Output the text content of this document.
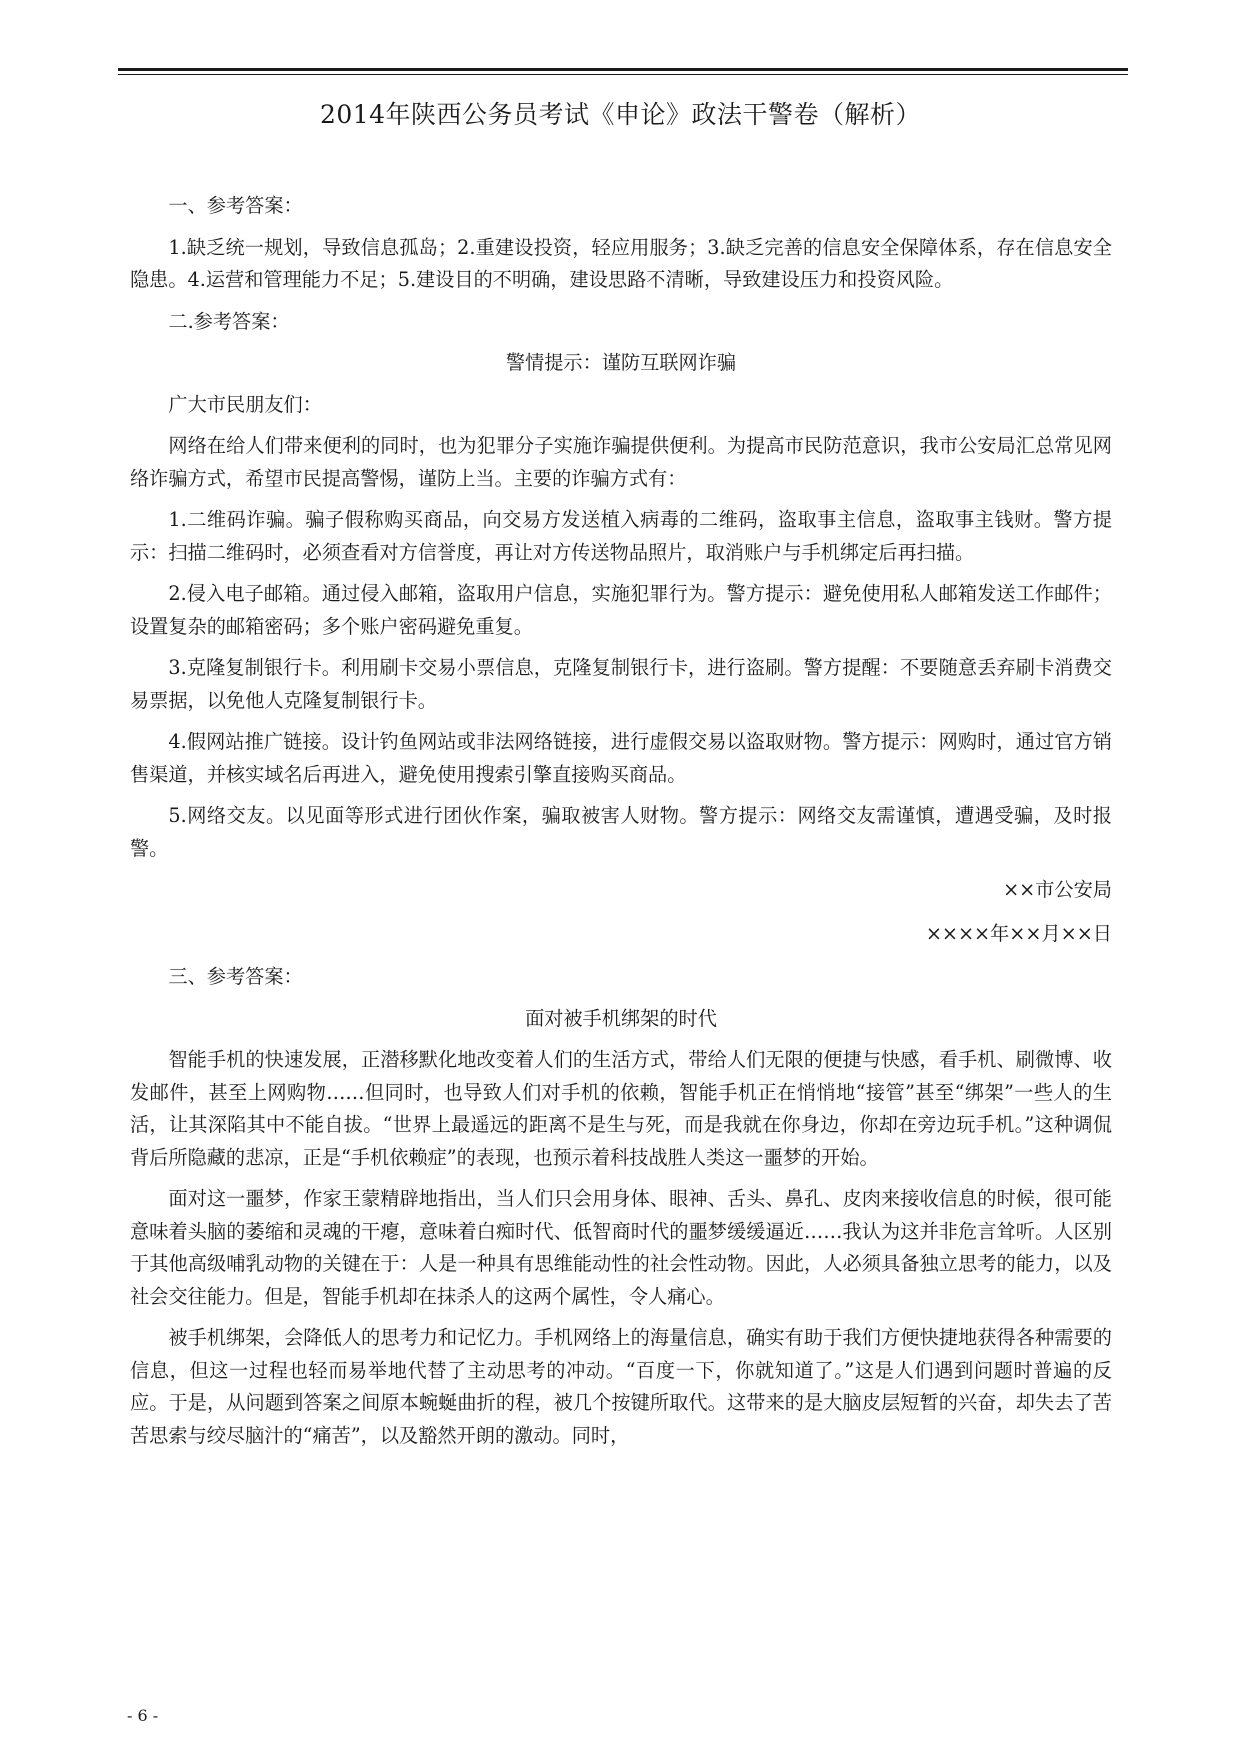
2014年陕西公务员考试《申论》政法干警卷（解析）

一、参考答案：

1.缺乏统一规划，导致信息孤岛；2.重建设投资，轻应用服务；3.缺乏完善的信息安全保障体系，存在信息安全隐患。4.运营和管理能力不足；5.建设目的不明确，建设思路不清晰，导致建设压力和投资风险。

二.参考答案：

警情提示：谨防互联网诈骗

广大市民朋友们：

网络在给人们带来便利的同时，也为犯罪分子实施诈骗提供便利。为提高市民防范意识，我市公安局汇总常见网络诈骗方式，希望市民提高警惕，谨防上当。主要的诈骗方式有：

1.二维码诈骗。骗子假称购买商品，向交易方发送植入病毒的二维码，盗取事主信息，盗取事主钱财。警方提示：扫描二维码时，必须查看对方信誉度，再让对方传送物品照片，取消账户与手机绑定后再扫描。

2.侵入电子邮箱。通过侵入邮箱，盗取用户信息，实施犯罪行为。警方提示：避免使用私人邮箱发送工作邮件；设置复杂的邮箱密码；多个账户密码避免重复。

3.克隆复制银行卡。利用刷卡交易小票信息，克隆复制银行卡，进行盗刷。警方提醒：不要随意丢弃刷卡消费交易票据，以免他人克隆复制银行卡。

4.假网站推广链接。设计钓鱼网站或非法网络链接，进行虚假交易以盗取财物。警方提示：网购时，通过官方销售渠道，并核实域名后再进入，避免使用搜索引擎直接购买商品。

5.网络交友。以见面等形式进行团伙作案，骗取被害人财物。警方提示：网络交友需谨慎，遭遇受骗，及时报警。

××市公安局

××××年××月××日

三、参考答案：

面对被手机绑架的时代

智能手机的快速发展，正潜移默化地改变着人们的生活方式，带给人们无限的便捷与快感，看手机、刷微博、收发邮件，甚至上网购物……但同时，也导致人们对手机的依赖，智能手机正在悄悄地“接管”甚至“绑架”一些人的生活，让其深陷其中不能自拔。“世界上最遥远的距离不是生与死，而是我就在你身边，你却在旁边玩手机。”这种调侃背后所隐藏的悲凉，正是“手机依赖症”的表现，也预示着科技战胜人类这一噩梦的开始。

面对这一噩梦，作家王蒙精辟地指出，当人们只会用身体、眼神、舌头、鼻孔、皮肉来接收信息的时候，很可能意味着头脑的萎缩和灵魂的干瘪，意味着白痴时代、低智商时代的噩梦缓缓逼近……我认为这并非危言耸听。人区别于其他高级哺乳动物的关键在于：人是一种具有思维能动性的社会性动物。因此，人必须具备独立思考的能力，以及社会交往能力。但是，智能手机却在抹杀人的这两个属性，令人痛心。

被手机绑架，会降低人的思考力和记忆力。手机网络上的海量信息，确实有助于我们方便快捷地获得各种需要的信息，但这一过程也轻而易举地代替了主动思考的冲动。“百度一下，你就知道了。”这是人们遇到问题时普遍的反应。于是，从问题到答案之间原本蜿蜒曲折的程，被几个按键所取代。这带来的是大脑皮层短暂的兴奋，却失去了苦苦思索与绞尽脑汁的“痛苦”，以及豁然开朗的激动。同时，

- 6 -
